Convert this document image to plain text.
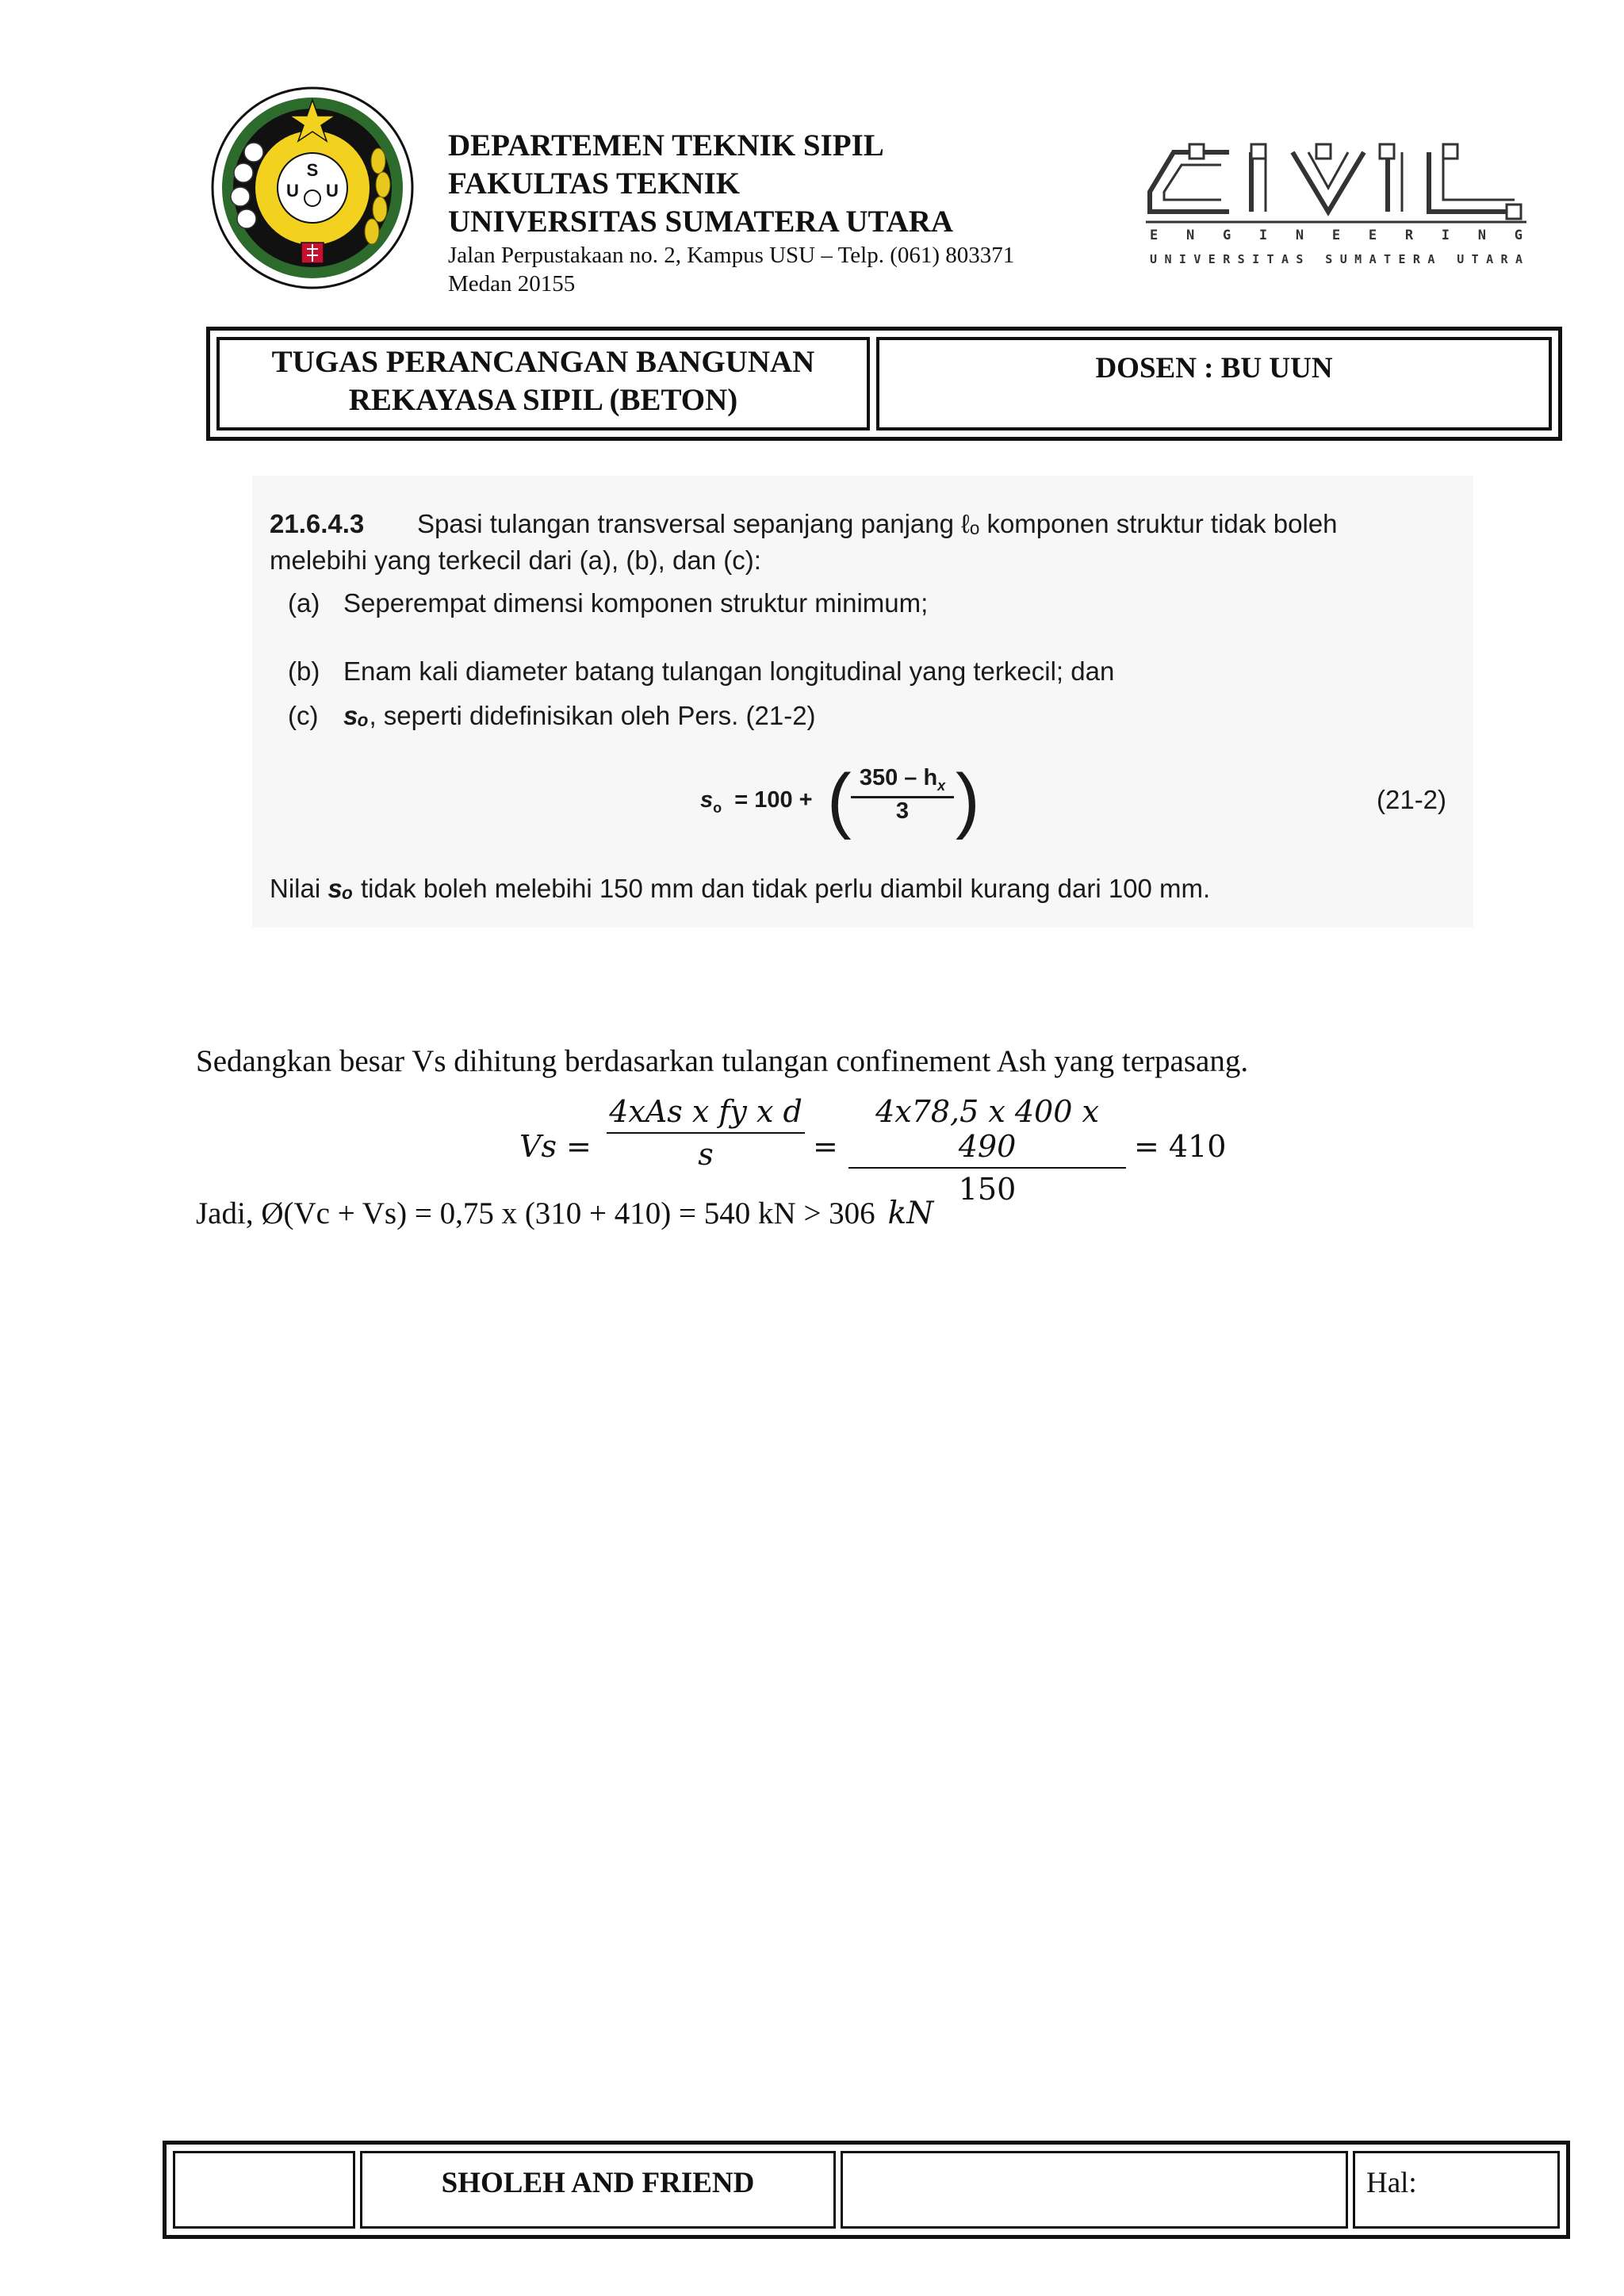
S
U U
DEPARTEMEN TEKNIK SIPIL
FAKULTAS TEKNIK
UNIVERSITAS SUMATERA UTARA
Jalan Perpustakaan no. 2, Kampus USU – Telp. (061) 803371
Medan 20155
E N G I N E E R I N G
UNIVERSITAS SUMATERA UTARA
TUGAS PERANCANGAN BANGUNAN
REKAYASA SIPIL (BETON)
DOSEN : BU UUN
21.6.4.3 Spasi tulangan transversal sepanjang panjang ℓₒ komponen struktur tidak boleh
melebihi yang terkecil dari (a), (b), dan (c):
(a) Seperempat dimensi komponen struktur minimum;
(b) Enam kali diameter batang tulangan longitudinal yang terkecil; dan
(c) sₒ, seperti didefinisikan oleh Pers. (21-2)
$s_o = 100$ + ( $350 - h_x$
3 )	(21-2)
Nilai sₒ tidak boleh melebihi 150 mm dan tidak perlu diambil kurang dari 100 mm.
Sedangkan besar Vs dihitung berdasarkan tulangan confinement Ash yang terpasang.
Vs =
4xAs x fy x d
s	=
4x78,5 x 400 x 490
150
= 410
Jadi, Ø(Vc + Vs) = 0,75 x (310 + 410) = 540 kN > 306 kN
SHOLEH AND FRIEND	Hal:
